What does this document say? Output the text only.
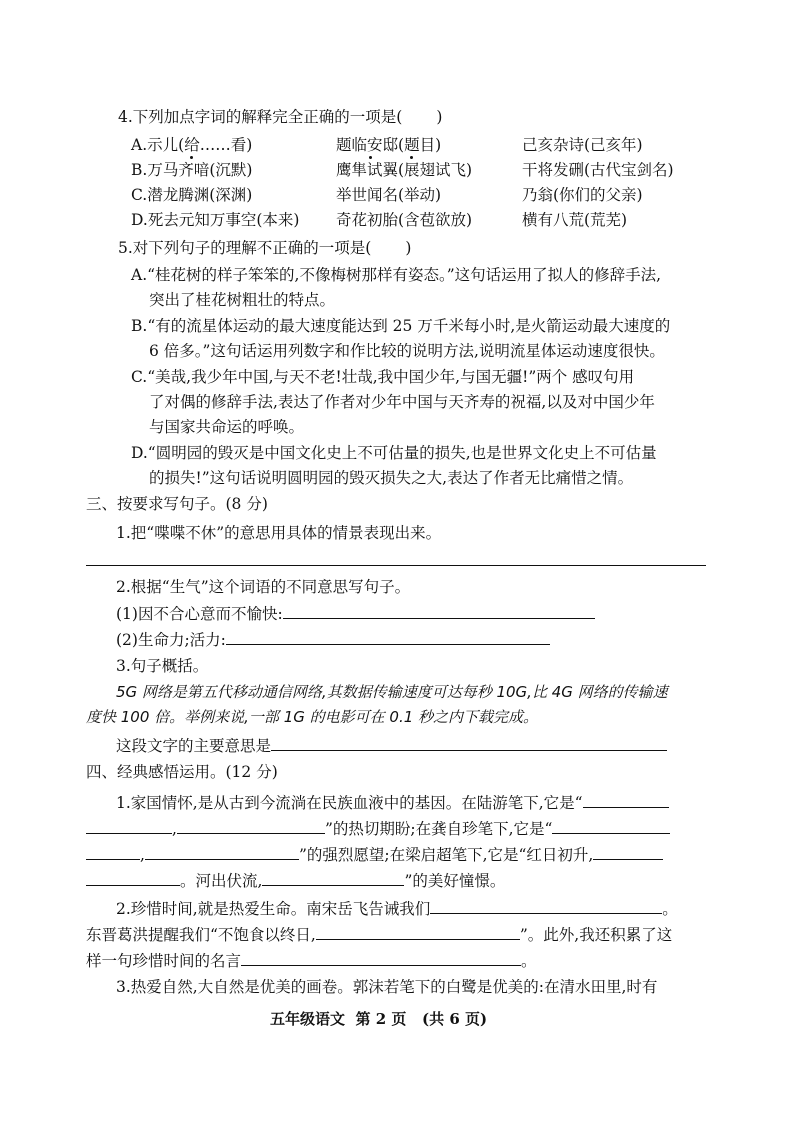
4.下列加点字词的解释完全正确的一项是( )
A.示儿(给……看)	题临安邸(题目)	己亥杂诗(己亥年)
B.万马齐喑(沉默)	鹰隼试翼(展翅试飞)	干将发硎(古代宝剑名)
C.潜龙腾渊(深渊)	举世闻名(举动)	乃翁(你们的父亲)
D.死去元知万事空(本来) 奇花初胎(含苞欲放)	横有八荒(荒芜)
5.对下列句子的理解不正确的一项是( )
A.“桂花树的样子笨笨的,不像梅树那样有姿态。”这句话运用了拟人的修辞手法,
突出了桂花树粗壮的特点。
B.“有的流星体运动的最大速度能达到 25 万千米每小时,是火箭运动最大速度的
6 倍多。”这句话运用列数字和作比较的说明方法,说明流星体运动速度很快。
C.“美哉,我少年中国,与天不老!壮哉,我中国少年,与国无疆!”两个 感叹句用
了对偶的修辞手法,表达了作者对少年中国与天齐寿的祝福,以及对中国少年
与国家共命运的呼唤。
D.“圆明园的毁灭是中国文化史上不可估量的损失,也是世界文化史上不可估量
的损失!”这句话说明圆明园的毁灭损失之大,表达了作者无比痛惜之情。
三、按要求写句子。(8 分)
1.把“喋喋不休”的意思用具体的情景表现出来。
2.根据“生气”这个词语的不同意思写句子。
(1)因不合心意而不愉快:
(2)生命力;活力:
3.句子概括。
5G 网络是第五代移动通信网络,其数据传输速度可达每秒 10G,比 4G 网络的传输速
度快 100 倍。举例来说,一部 1G 的电影可在 0.1 秒之内下载完成。
这段文字的主要意思是
四、经典感悟运用。(12 分)
1.家国情怀,是从古到今流淌在民族血液中的基因。在陆游笔下,它是“
,	”的热切期盼;在龚自珍笔下,它是“
,	”的强烈愿望;在梁启超笔下,它是“红日初升,
。河出伏流,	”的美好憧憬。
2.珍惜时间,就是热爱生命。南宋岳飞告诫我们	。
东晋葛洪提醒我们“不饱食以终日,	”。此外,我还积累了这
样一句珍惜时间的名言	。
3.热爱自然,大自然是优美的画卷。郭沫若笔下的白鹭是优美的:在清水田里,时有
五年级语文 第 2 页 (共 6 页)
